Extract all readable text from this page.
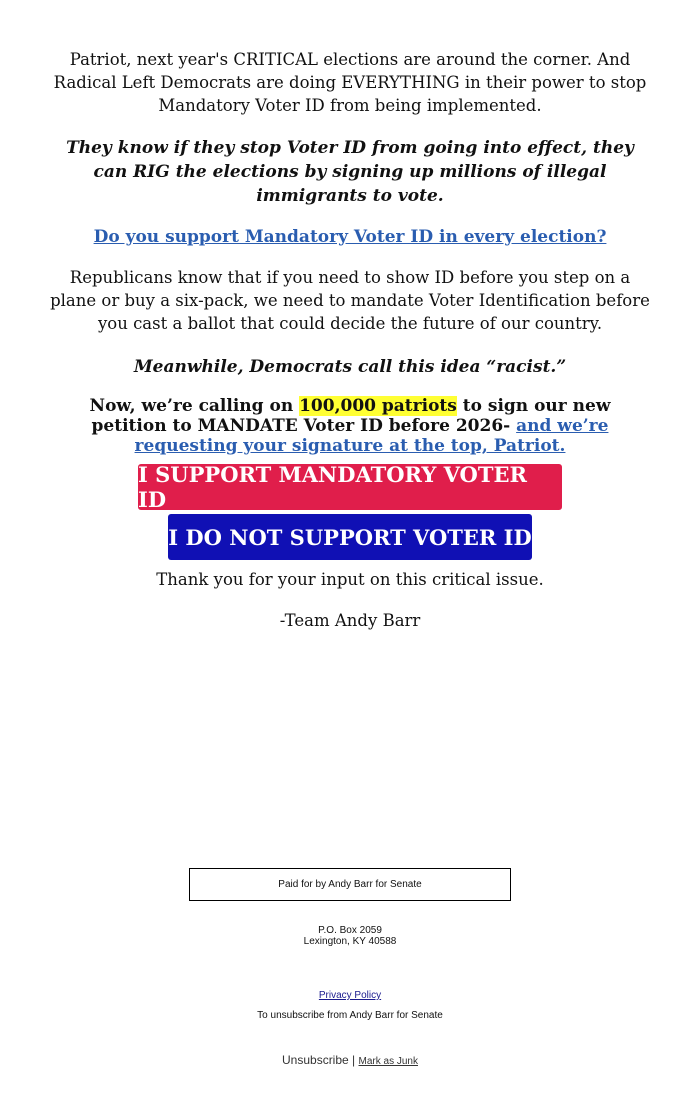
Patriot, next year's CRITICAL elections are around the corner. And Radical Left Democrats are doing EVERYTHING in their power to stop Mandatory Voter ID from being implemented.

They know if they stop Voter ID from going into effect, they can RIG the elections by signing up millions of illegal immigrants to vote.

Do you support Mandatory Voter ID in every election?

Republicans know that if you need to show ID before you step on a plane or buy a six-pack, we need to mandate Voter Identification before you cast a ballot that could decide the future of our country.

Meanwhile, Democrats call this idea “racist.”

Now, we’re calling on 100,000 patriots to sign our new petition to MANDATE Voter ID before 2026- and we’re requesting your signature at the top, Patriot.

I SUPPORT MANDATORY VOTER ID
I DO NOT SUPPORT VOTER ID

Thank you for your input on this critical issue.

-Team Andy Barr

Paid for by Andy Barr for Senate
P.O. Box 2059
Lexington, KY 40588
Privacy Policy
To unsubscribe from Andy Barr for Senate
Unsubscribe | Mark as Junk
